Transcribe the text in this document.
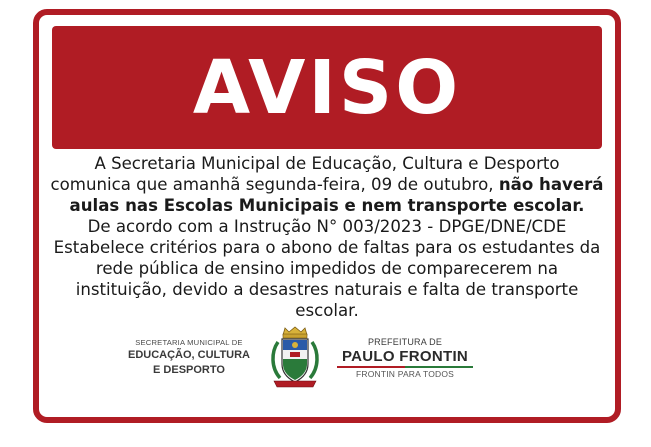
AVISO
A Secretaria Municipal de Educação, Cultura e Desporto
comunica que amanhã segunda-feira, 09 de outubro, não haverá
aulas nas Escolas Municipais e nem transporte escolar.
De acordo com a Instrução N° 003/2023 - DPGE/DNE/CDE
Estabelece critérios para o abono de faltas para os estudantes da
rede pública de ensino impedidos de comparecerem na
instituição, devido a desastres naturais e falta de transporte
escolar.
SECRETARIA MUNICIPAL DE
EDUCAÇÃO, CULTURA
E DESPORTO
PREFEITURA DE
PAULO FRONTIN
FRONTIN PARA TODOS
